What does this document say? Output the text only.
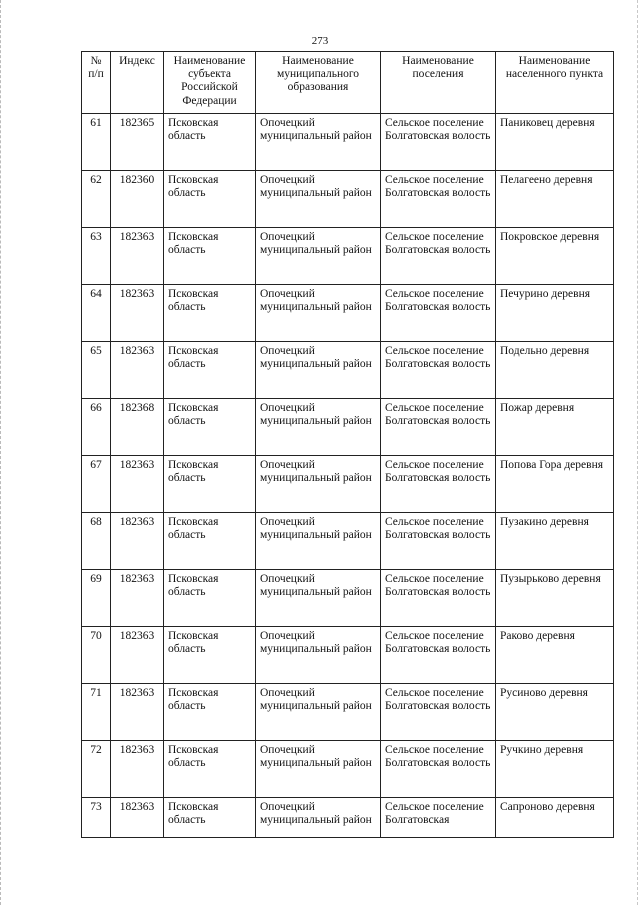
273
№ п/п	Индекс	Наименование субъекта Российской Федерации	Наименование муниципального образования	Наименование поселения	Наименование населенного пункта
61	182365	Псковская область	Опочецкий муниципальный район	Сельское поселение Болгатовская волость	Паниковец деревня
62	182360	Псковская область	Опочецкий муниципальный район	Сельское поселение Болгатовская волость	Пелагеено деревня
63	182363	Псковская область	Опочецкий муниципальный район	Сельское поселение Болгатовская волость	Покровское деревня
64	182363	Псковская область	Опочецкий муниципальный район	Сельское поселение Болгатовская волость	Печурино деревня
65	182363	Псковская область	Опочецкий муниципальный район	Сельское поселение Болгатовская волость	Подельно деревня
66	182368	Псковская область	Опочецкий муниципальный район	Сельское поселение Болгатовская волость	Пожар деревня
67	182363	Псковская область	Опочецкий муниципальный район	Сельское поселение Болгатовская волость	Попова Гора деревня
68	182363	Псковская область	Опочецкий муниципальный район	Сельское поселение Болгатовская волость	Пузакино деревня
69	182363	Псковская область	Опочецкий муниципальный район	Сельское поселение Болгатовская волость	Пузырьково деревня
70	182363	Псковская область	Опочецкий муниципальный район	Сельское поселение Болгатовская волость	Раково деревня
71	182363	Псковская область	Опочецкий муниципальный район	Сельское поселение Болгатовская волость	Русиново деревня
72	182363	Псковская область	Опочецкий муниципальный район	Сельское поселение Болгатовская волость	Ручкино деревня
73	182363	Псковская область	Опочецкий муниципальный район	Сельское поселение Болгатовская	Сапроново деревня
